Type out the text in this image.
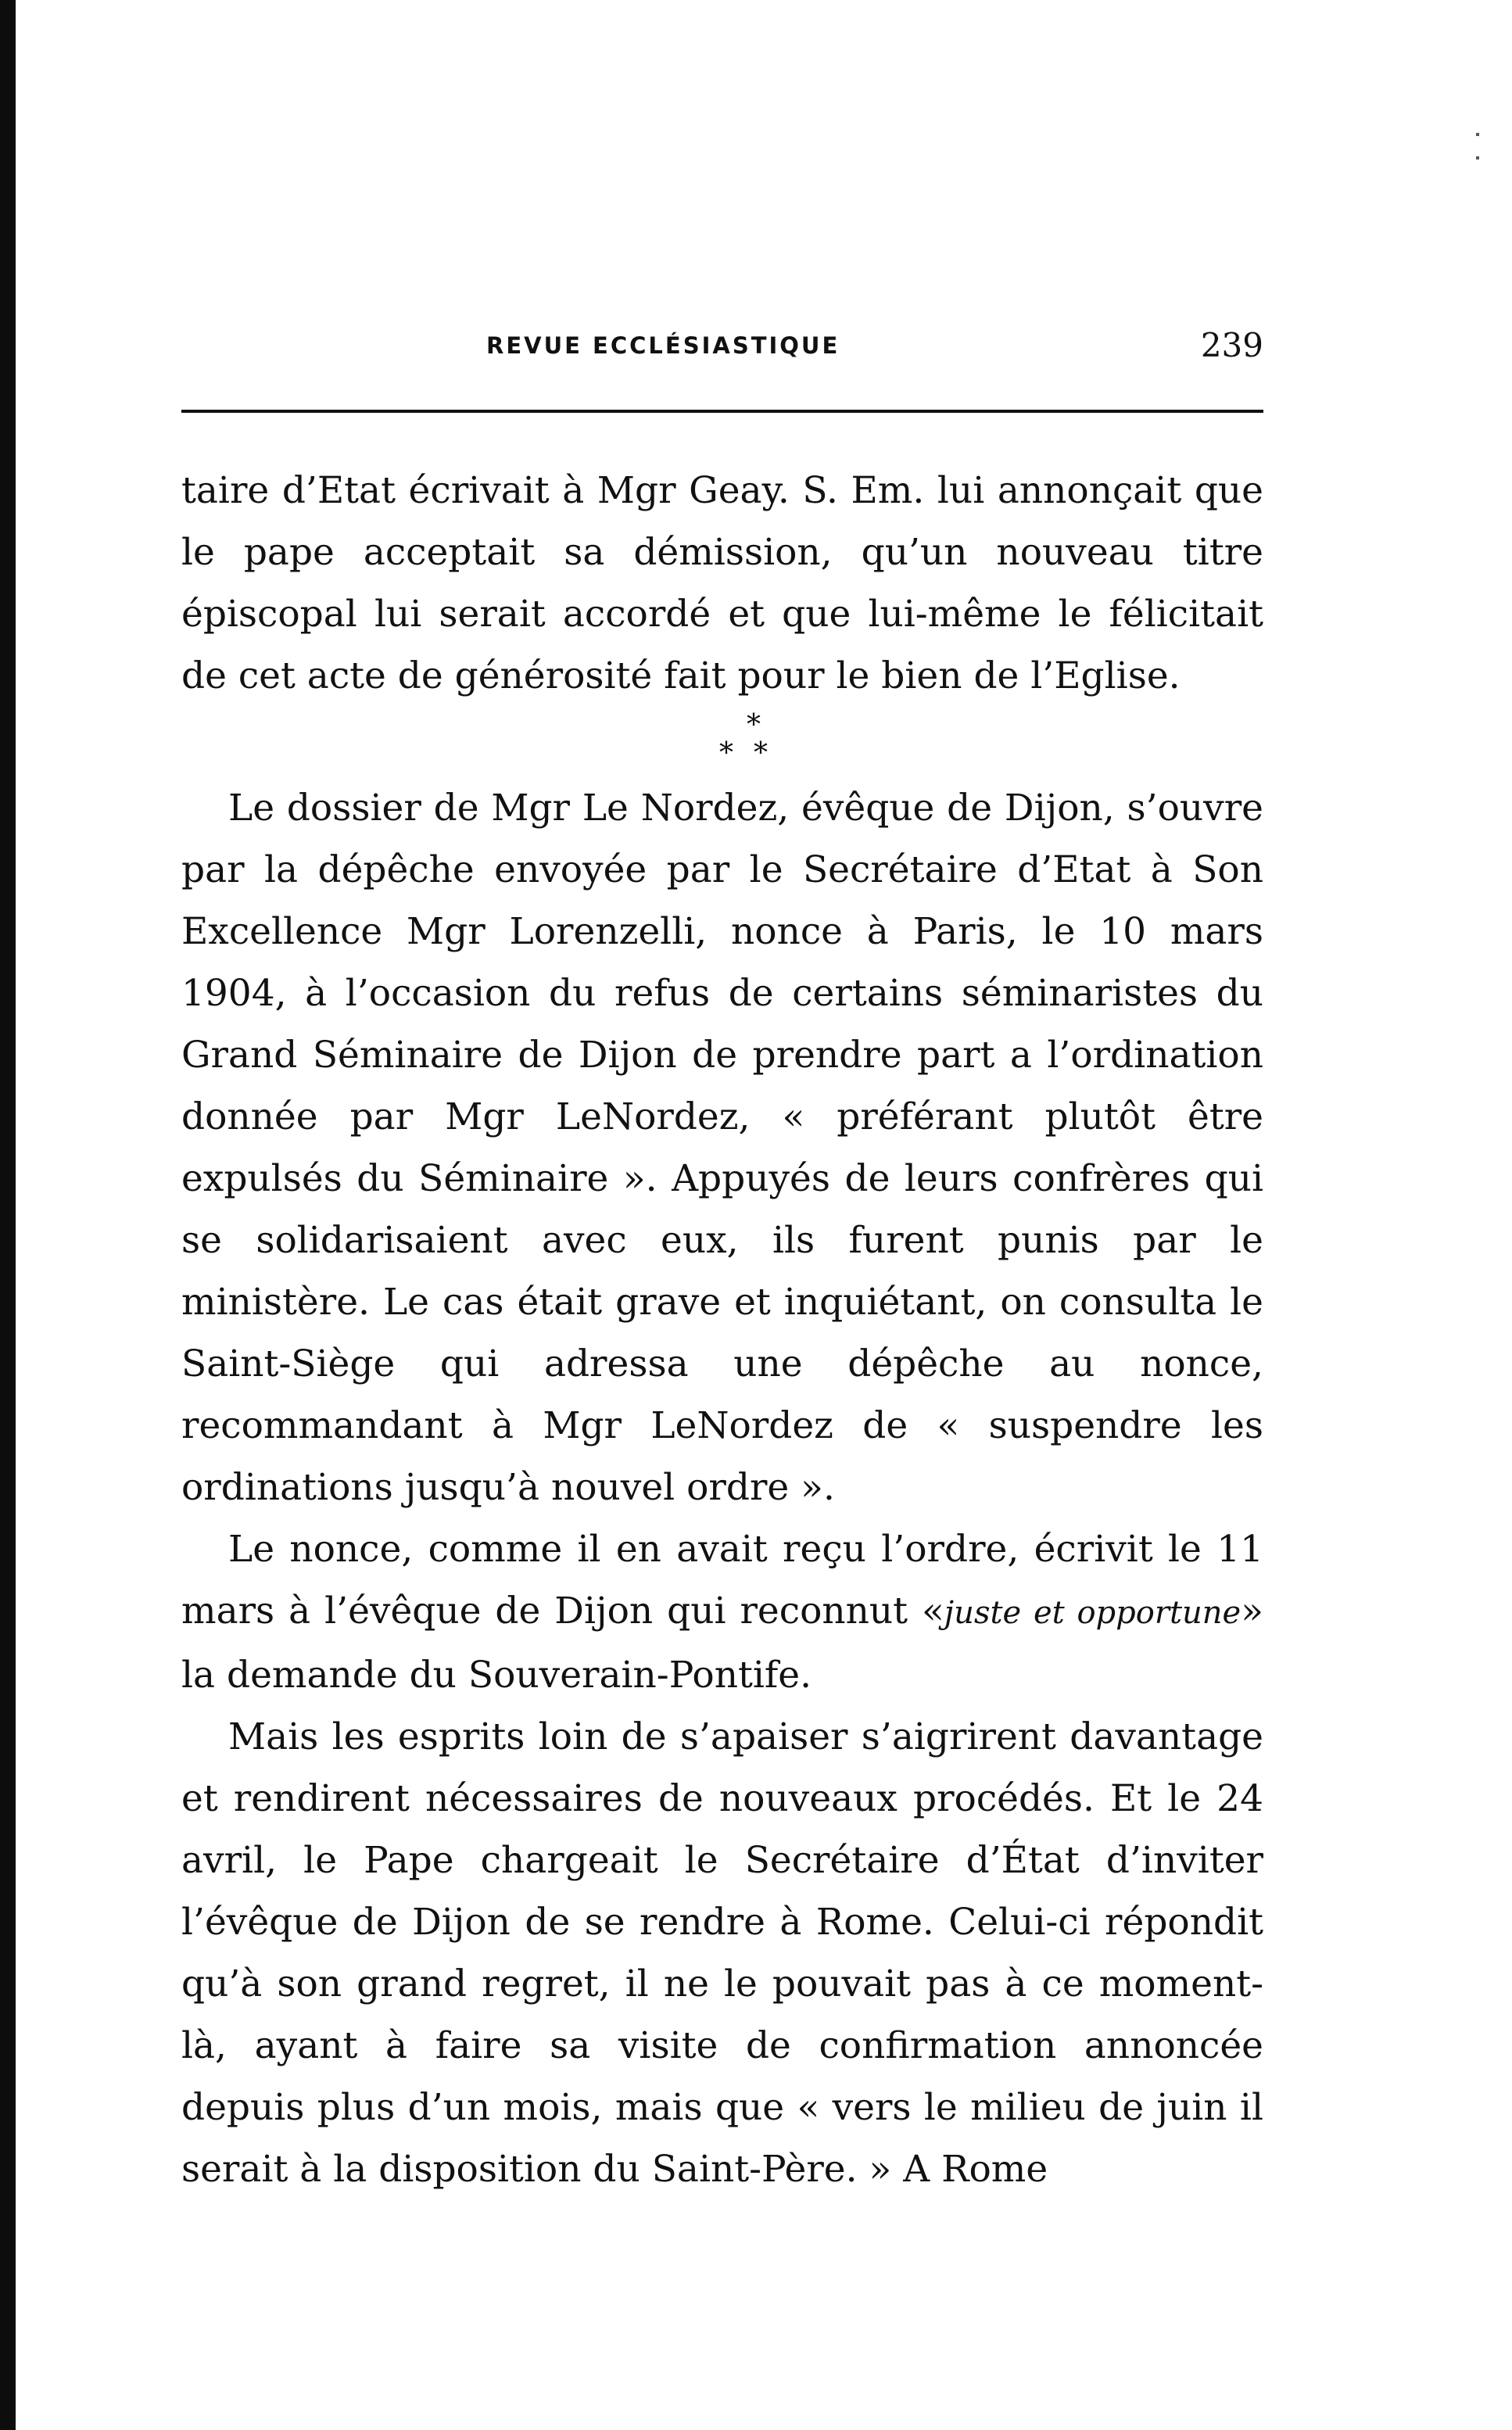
REVUE ECCLÉSIASTIQUE	239

taire d’Etat écrivait à Mgr Geay. S. Em. lui annonçait que le pape acceptait sa démission, qu’un nouveau titre épiscopal lui serait accordé et que lui-même le félicitait de cet acte de générosité fait pour le bien de l’Eglise.

*
**

Le dossier de Mgr Le Nordez, évêque de Dijon, s’ouvre par la dépêche envoyée par le Secrétaire d’Etat à Son Excellence Mgr Lorenzelli, nonce à Paris, le 10 mars 1904, à l’occasion du refus de certains séminaristes du Grand Séminaire de Dijon de prendre part a l’ordination donnée par Mgr LeNordez, « préférant plutôt être expulsés du Séminaire ». Appuyés de leurs confrères qui se solidarisaient avec eux, ils furent punis par le ministère. Le cas était grave et inquiétant, on consulta le Saint-Siège qui adressa une dépêche au nonce, recommandant à Mgr LeNordez de « suspendre les ordinations jusqu’à nouvel ordre ».

Le nonce, comme il en avait reçu l’ordre, écrivit le 11 mars à l’évêque de Dijon qui reconnut «juste et opportune» la demande du Souverain-Pontife.

Mais les esprits loin de s’apaiser s’aigrirent davantage et rendirent nécessaires de nouveaux procédés. Et le 24 avril, le Pape chargeait le Secrétaire d’État d’inviter l’évêque de Dijon de se rendre à Rome. Celui-ci répondit qu’à son grand regret, il ne le pouvait pas à ce moment-là, ayant à faire sa visite de confirmation annoncée depuis plus d’un mois, mais que « vers le milieu de juin il serait à la disposition du Saint-Père. » A Rome
